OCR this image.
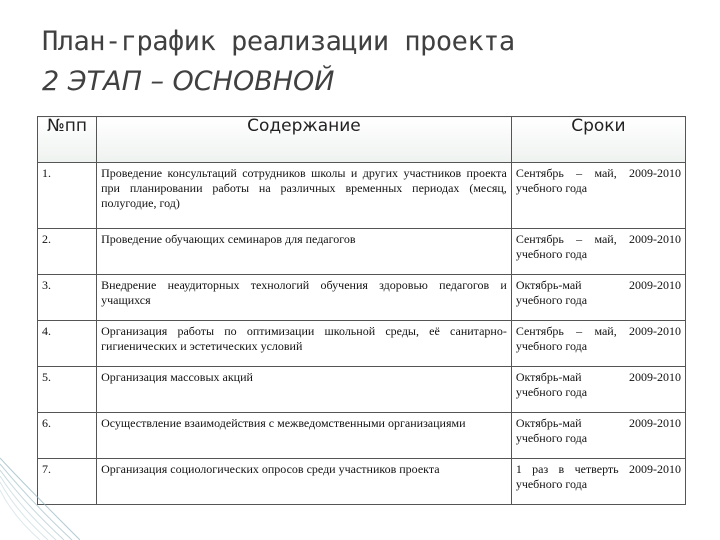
План-график реализации проекта
2 ЭТАП – ОСНОВНОЙ
№пп	Содержание	Сроки
1.	Проведение консультаций сотрудников школы и других участников проекта при планировании работы на различных временных периодах (месяц, полугодие, год)	Сентябрь – май, 2009-2010 учебного года
2.	Проведение обучающих семинаров для педагогов	Сентябрь – май, 2009-2010 учебного года
3.	Внедрение неаудиторных технологий обучения здоровью педагогов и учащихся	Октябрь-май 2009-2010 учебного года
4.	Организация работы по оптимизации школьной среды, её санитарно-гигиенических и эстетических условий	Сентябрь – май, 2009-2010 учебного года
5.	Организация массовых акций	Октябрь-май 2009-2010 учебного года
6.	Осуществление взаимодействия с межведомственными организациями	Октябрь-май 2009-2010 учебного года
7.	Организация социологических опросов среди участников проекта	1 раз в четверть 2009-2010 учебного года
